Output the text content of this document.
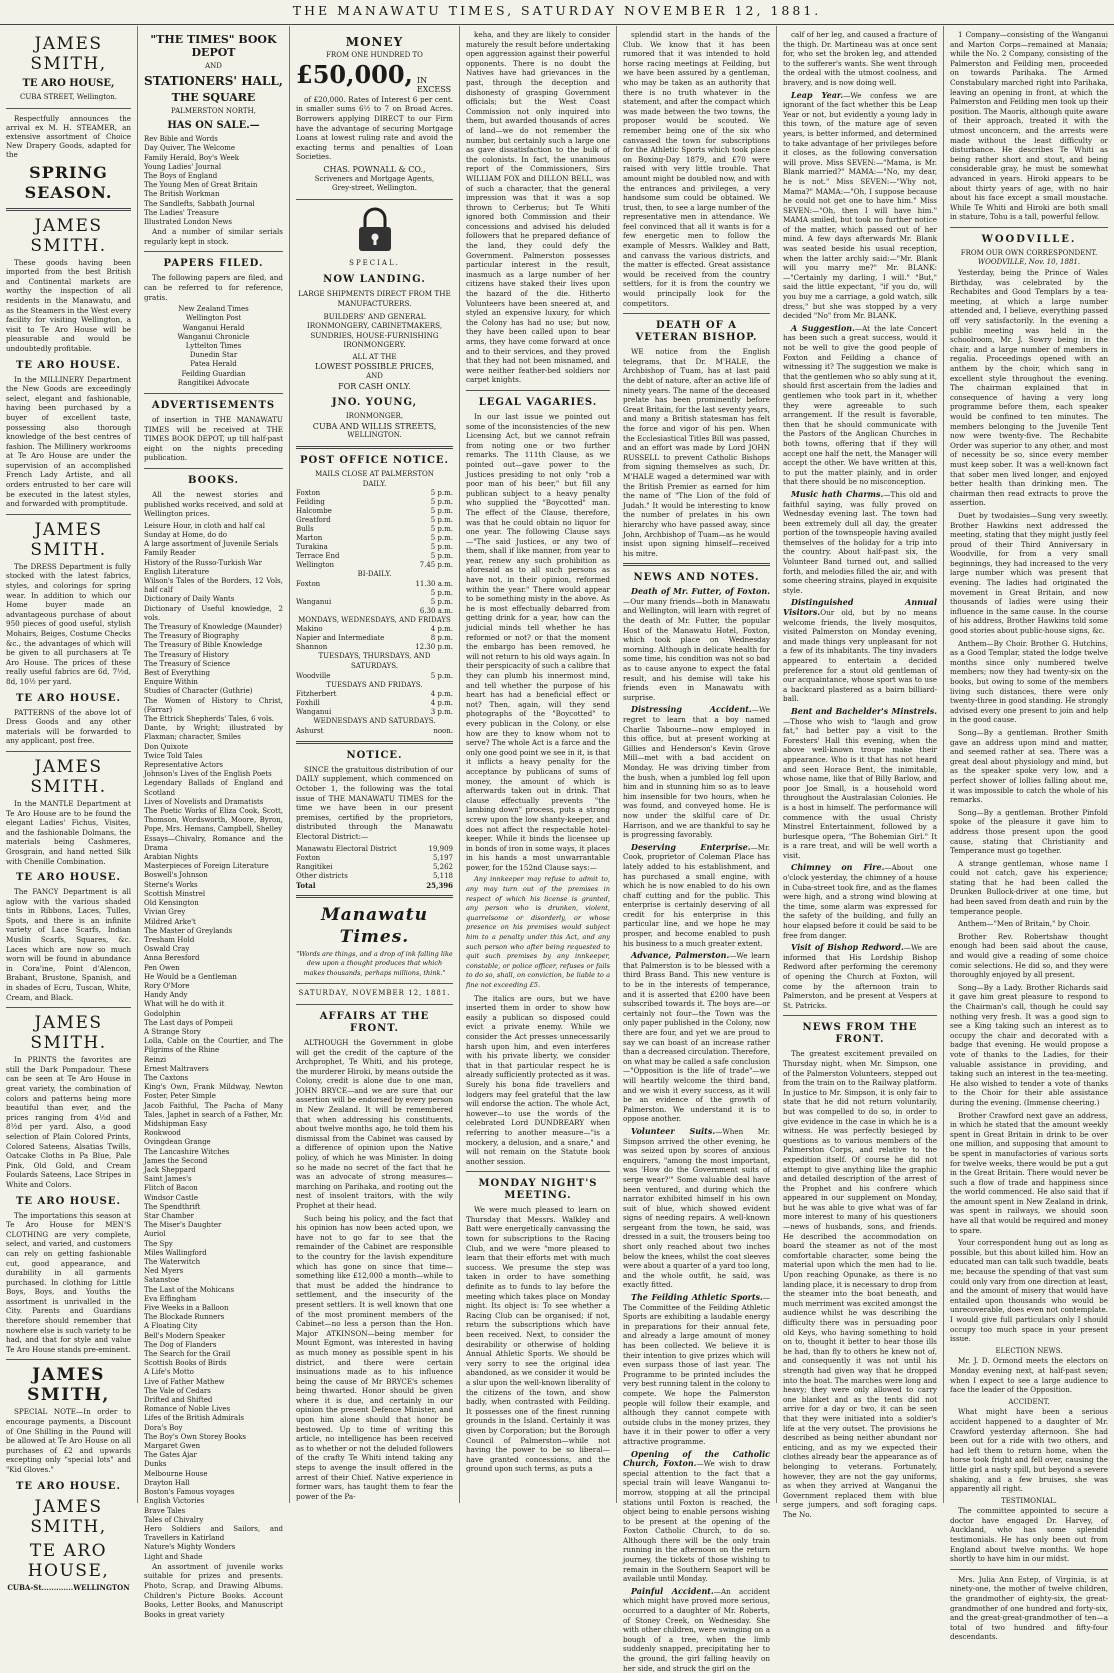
THE MANAWATU TIMES, SATURDAY NOVEMBER 12, 1881.
JAMES SMITH,
TE ARO HOUSE,
CUBA STREET, Wellington.

Respectfully announces the arrival ex M. H. STEAMER, an extensive assortment of Choice New Drapery Goods, adapted for the

SPRING SEASON.
JAMES SMITH.

These goods having been imported from the best British and Continental markets are worthy the inspection of all residents in the Manawatu, and as the Steamers in the West every facility for visiting Wellington, a visit to Te Aro House will be pleasurable and would be undoubtedly profitable.

TE ARO HOUSE.

In the MILLINERY Department the New Goods are exceedingly select, elegant and fashionable, having been purchased by a buyer of excellent taste, possessing also thorough knowledge of the best centres of fashion. The Millinery workrooms at Te Aro House are under the supervision of an accomplished French Lady Artiste, and all orders entrusted to her care will be executed in the latest styles, and forwarded with promptitude.

JAMES SMITH.

The DRESS Department is fully stocked with the latest fabrics, styles, and colorings for spring wear. In addition to which our Home buyer made an advantageous purchase of about 950 pieces of good useful, stylish Mohairs, Beiges, Costume Checks &c., the advantages of which will be given to all purchasers at Te Aro House. The prices of these really useful fabrics are 6d, 7½d, 8d, 10½ per yard.

TE ARO HOUSE.

PATTERNS of the above lot of Dress Goods and any other materials will be forwarded to any applicant, post free.

JAMES SMITH.

In the MANTLE Department at Te Aro House are to be found the elegant Ladies' Fichus, Visites, and the fashionable Dolmans, the materials being Cashmeres, Grosgrain, and hand netted Silk with Chenille Combination.

TE ARO HOUSE.

The FANCY Department is all aglow with the various shaded tints in Ribbons, Laces, Tulles, Spots, and there is an infinite variety of Lace Scarfs, Indian Muslin Scarfs, Squares, &c. Laces which are now so much worn will be found in abundance in Cora'ine, Point d'Alencon, Brabant, Brustone, Spanish, and in shades of Ecru, Tuscan, White, Cream, and Black.

JAMES SMITH.

In PRINTS the favorites are still the Dark Pompadour. These can be seen at Te Aro House in great variety, the combination of colors and patterns being more beautiful than ever, and the prices ranging from 4½d and 8½d per yard. Also, a good selection of Plain Colored Prints, Colored Sateens, Alsatias Twills, Oatcake Cloths in Pa Blue, Pale Pink, Old Gold, and Cream Foulards Sateens, Lace Stripes in White and Colors.

TE ARO HOUSE.

The importations this season at Te Aro House for MEN'S CLOTHING are very complete, select, and varied, and customers can rely on getting fashionable cut, good appearance, and durability in all garments purchased. In clothing for Little Boys, Boys, and Youths the assortment is unrivalled in the City. Parents and Guardians therefore should remember that nowhere else is such variety to be had, and that for style and value Te Aro House stands pre-eminent.

JAMES SMITH,

SPECIAL NOTE—In order to encourage payments, a Discount of One Shilling in the Pound will be allowed at Te Aro House on all purchases of £2 and upwards excepting only "special lots" and "Kid Gloves."

TE ARO HOUSE.
JAMES SMITH,
TE ARO HOUSE,
CUBA-St.............WELLINGTON
"THE TIMES" BOOK DEPOT
AND
STATIONERS' HALL,
THE SQUARE
PALMERSTON NORTH,
HAS ON SALE.—
Rev Bible and Words
Day Quiver, The Welcome
Family Herald, Boy's Week
Young Ladies' Journal
The Boys of England
The Young Men of Great Britain
The British Workman
The Sandlefts, Sabbath Journal
The Ladies' Treasure
Illustrated London News

And a number of similar serials regularly kept in stock.

PAPERS FILED.

The following papers are filed, and can be referred to for reference, gratis.

New Zealand Times
Wellington Post
Wanganui Herald
Wanganui Chronicle
Lyttelton Times
Dunedin Star
Patea Herald
Feilding Guardian
Rangitikei Advocate
ADVERTISEMENTS

of insertion in THE MANAWATU TIMES will be received at THE TIMES BOOK DEPOT, up till half-past eight on the nights preceding publication.

BOOKS.

All the newest stories and published works received, and sold at Wellington prices.

Leisure Hour, in cloth and half cal
Sunday at Home, do do
A large assortment of Juvenile Serials
Family Reader
History of the Russo-Turkish War
English Literature
Wilson's Tales of the Borders, 12 Vols, half calf
Dictionary of Daily Wants
Dictionary of Useful knowledge, 2 vols.
The Treasury of Knowledge (Maunder)
The Treasury of Biography
The Treasury of Bible Knowledge
The Treasury of History
The Treasury of Science
Best of Everything
Enquire Within
Studies of Character (Guthrie)
The Women of History to Christ, (Farrar)
The Ettrick Shepherds' Tales, 6 vols.
Dante, by Wright; illustrated by Flaxman; character, Smiles
Don Quixote
Twice Told Tales
Representative Actors
Johnson's Lives of the English Poets
Legendary Ballads of England and Scotland
Lives of Novelists and Dramatists
The Poetic Works of Eliza Cook, Scott, Thomson, Wordsworth, Moore, Byron, Pope, Mrs. Hemans, Campbell, Shelley
Essays—Chivalry, Romance and the Drama
Arabian Nights
Masterpieces of Foreign Literature
Boswell's Johnson
Sterne's Works
Scottish Minstrel
Old Kensington
Vivian Grey
Mildred Arke't
The Master of Greylands
Tresham Hold
Oswald Cray
Anna Beresford
Pen Owen
He Would be a Gentleman
Rory O'More
Handy Andy
What will he do with it
Godolphin
The Last days of Pompeii
A Strange Story
Lolla, Cable on the Courtier, and The Pilgrims of the Rhine
Reinzi
Ernest Maltravers
The Caxtons
King's Own, Frank Mildway, Newton Foster, Peter Simple
Jacob Faithful, The Pacha of Many Tales, Japhet in search of a Father, Mr. Midshipman Easy
Rookwood
Ovingdean Grange
The Lancashire Witches
James the Second
Jack Sheppard
Saint James's
Flitch of Bacon
Windsor Castle
The Spendthrift
Star Chamber
The Miser's Daughter
Auriol
The Spy
Miles Wallingford
The Waterwitch
Ned Myers
Satanstoe
The Last of the Mohicans
Eva Effingham
Five Weeks in a Balloon
The Blockade Runners
A Floating City
Bell's Modern Speaker
The Dog of Flanders
The Search for the Grail
Scottish Books of Birds
A Life's Motto
Live of Father Mathew
The Vale of Cedars
Drifted and Shifted
Romance of Noble Lives
Lifes of the British Admirals
Dora's Boy
The Boy's Own Storey Books
Margaret Gwen
The Gates Ajar
Dunks
Melbourne House
Drayton Hall
Boston's Famous voyages
English Victories
Brave Tales
Tales of Chivalry
Hero Soldiers and Sailors, and Travellers in Katirland
Nature's Mighty Wonders
Light and Shade

An assortment of juvenile works suitable for prizes and presents. Photo, Scrap, and Drawing Albums. Children's Picture Books. Account Books, Letter Books, and Manuscript Books in great variety

MONEY
FROM ONE HUNDRED TO
£50,000, IN EXCESS

of £20,000. Rates of Interest 6 per cent. in smaller sums 6½ to 7 on Broad Acres. Borrowers applying DIRECT to our Firm have the advantage of securing Mortgage Loans at lowest ruling rate and avoid the exacting terms and penalties of Loan Societies.

CHAS. POWNALL & CO.,
Scriveners and Mortgage Agents,
Grey-street, Wellington.
SPECIAL.
NOW LANDING.

LARGE SHIPMENTS DIRECT FROM THE MANUFACTURERS.

BUILDERS' AND GENERAL IRONMONGERY, CABINETMAKERS, SUNDRIES, HOUSE-FURNISHING IRONMONGERY.

ALL AT THE
LOWEST POSSIBLE PRICES,
AND
FOR CASH ONLY.
JNO. YOUNG,
IRONMONGER,
CUBA AND WILLIS STREETS,
WELLINGTON.
POST OFFICE NOTICE.
MAILS CLOSE AT PALMERSTON
DAILY.
Foxton	5 p.m.
Feilding	5 p.m.
Halcombe	5 p.m.
Greatford	5 p.m.
Bulls	5 p.m.
Marton	5 p.m.
Turakina	5 p.m.
Terrace End	5 p.m.
Wellington	7.45 p.m.
BI-DAILY.
Foxton	11.30 a.m.
5 p.m.
Wanganui	5 p.m.
6.30 a.m.
MONDAYS, WEDNESDAYS, AND FRIDAYS
Makino	4 p.m.
Napier and Intermediate	8 p.m.
Shannon	12.30 p.m.
TUESDAYS, THURSDAYS, AND SATURDAYS.
Woodville	5 p.m.
TUESDAYS AND FRIDAYS.
Fitzherbert	4 p.m.
Foxhill	4 p.m.
Wanganui	3 p.m.
WEDNESDAYS AND SATURDAYS.
Ashurst	noon.
NOTICE.

SINCE the gratuitous distribution of our DAILY supplement, which commenced on October 1, the following was the total issue of THE MANAWATU TIMES for the time we have been in our present premises, certified by the proprietors, distributed through the Manawatu Electoral District:—

Manawatu Electoral District	19,909
Foxton	5,197
Rangitikei	5,262
Other districts	5,118
Total	25,396
Manawatu Times.

"Words are things, and a drop of ink falling like dew upon a thought produces that which makes thousands, perhaps millions, think."

SATURDAY, NOVEMBER 12, 1881.
AFFAIRS AT THE FRONT.

ALTHOUGH the Government in globe will get the credit of the capture of the Archprophet, Te Whiti, and his protege, the murderer Hiroki, by means outside the Colony, credit is alone due to one man, JOHN BRYCE—and we are sure that our assertion will be endorsed by every person in New Zealand. It will be remembered that when addressing his constituents, about twelve months ago, he told them his dismissal from the Cabinet was caused by a difference of opinion upon the Native policy, of which he was Minister. In doing so he made no secret of the fact that he was an advocate of strong measures—marching on Parihaka, and rooting out the nest of insolent traitors, with the wily Prophet at their head.

Such being his policy, and the fact that his opinion has now been acted upon, we have not to go far to see that the remainder of the Cabinet are responsible to the country for the lavish expenditure which has gone on since that time—something like £12,000 a month—while to that must be added the hindrance to settlement, and the insecurity of the present settlers. It is well known that one of the most prominent members of the Cabinet—no less a person than the Hon. Major ATKINSON—being member for Mount Egmont, was interested in having as much money as possible spent in his district, and there were certain insinuations made as to his influence being the cause of Mr BRYCE's schemes being thwarted. Honor should be given where it is due, and certainly in our opinion the present Defence Minister, and upon him alone should that honor be bestowed. Up to time of writing this article, no intelligence has been received as to whether or not the deluded followers of the crafty Te Whiti intend taking any steps to avenge the insult offered in the arrest of their Chief. Native experience in former wars, has taught them to fear the power of the Pa-

keha, and they are likely to consider maturely the result before undertaking open aggression against their powerful opponents. There is no doubt the Natives have had grievances in the past, through the deception and dishonesty of grasping Government officials; but the West Coast Commission not only inquired into them, but awarded thousands of acres of land—we do not remember the number, but certainly such a large one as gave dissatisfaction to the bulk of the colonists. In fact, the unanimous report of the Commissioners, Sirs WILLIAM FOX and DILLON BELL, was of such a character, that the general impression was that it was a sop thrown to Cerberus; but Te Whiti ignored both Commission and their concessions and advised his deluded followers that he prepared defiance of the land, they could defy the Government. Palmerston possesses particular interest in the result, inasmuch as a large number of her citizens have staked their lives upon the hazard of the die. Hitherto Volunteers have been sneered at, and styled an expensive luxury, for which the Colony has had no use; but now, they have been called upon to bear arms, they have come forward at once and to their services, and they proved that they had not been misnamed, and were neither feather-bed soldiers nor carpet knights.

LEGAL VAGARIES.

In our last issue we pointed out some of the inconsistencies of the new Licensing Act, but we cannot refrain from noting one or two further remarks. The 111th Clause, as we pointed out—gave power to the Justices presiding to not only "rob a poor man of his beer," but fill any publican subject to a heavy penalty who supplied the "Boycotted" man. The effect of the Clause, therefore, was that he could obtain no liquor for one year. The following Clause says—"The said Justices, or any two of them, shall if like manner, from year to year, renew any such prohibition as aforesaid as to all such persons as have not, in their opinion, reformed within the year." There would appear to be something misty in the above. As he is most effectually debarred from getting drink for a year, how can the judicial minds tell whether he has reformed or not? or that the moment the embargo has been removed, he will not return to his old ways again. In their perspicacity of such a calibre that they can plumb his innermost mind, and tell whether the purpose of his heart has had a beneficial effect or not? Then, again, will they send photographs of the "Boycotted" to every publican in the Colony, or else how are they to know whom not to serve? The whole Act is a farce and the only one good point we see in it, is that it inflicts a heavy penalty for the acceptance by publicans of sums of money, the amount of which is afterwards taken out in drink. That clause effectually prevents "the lambing down" process, puts a strong screw upon the low shanty-keeper, and does not affect the respectable hotel-keeper. While it binds the licensee up in bonds of iron in some ways, it places in his hands a most unwarrantable power, for the 152nd Clause says:—

Any innkeeper may refuse to admit to, any may turn out of the premises in respect of which his license is granted, any person who is drunken, violent, quarrelsome or disorderly, or whose presence on his premises would subject him to a penalty under this Act, and any such person who after being requested to quit such premises by any innkeeper, constable, or police officer, refuses or fails to do so, shall, on conviction, be liable to a fine not exceeding £5.

The italics are ours, but we have inserted them in order to show how easily a publican so disposed could evict a private enemy. While we consider the Act presses unnecessarily harsh upon him, and even interferes with his private liberty, we consider that in that particular respect he is already sufficiently protected as it was. Surely his bona fide travellers and lodgers may feel grateful that the law will endorse the action. The whole Act, however—to use the words of the celebrated Lord DUNDREARY when referring to another measure—"is a mockery, a delusion, and a snare," and will not remain on the Statute book another session.

MONDAY NIGHT'S MEETING.

We were much pleased to learn on Thursday that Messrs. Walkley and Batt were energetically canvassing the town for subscriptions to the Racing Club, and we were "more pleased to learn that their efforts met with much success. We presume the step was taken in order to have something definite as to funds to lay before the meeting which takes place on Monday night. Its object is: To see whether a Racing Club can be organised; if not, return the subscriptions which have been received. Next, to consider the desirability or otherwise of holding Annual Athletic Sports. We should be very sorry to see the original idea abandoned, as we consider it would be a slur upon the well-known liberality of the citizens of the town, and show badly, when contrasted with Feilding. It possesses one of the finest running grounds in the Island. Certainly it was given by Corporation; but the Borough Council of Palmerston—while not having the power to be so liberal—have granted concessions, and the ground upon such terms, as puts a

splendid start in the hands of the Club. We know that it has been rumored that it was intended to hold horse racing meetings at Feilding, but we have been assured by a gentleman, who may be taken as an authority that there is no truth whatever in the statement, and after the compact which was made between the two towns, the proposer would be scouted. We remember being one of the six who canvassed the town for subscriptions for the Athletic Sports which took place on Boxing-Day 1879, and £70 were raised with very little trouble. That amount might be doubled now, and with the entrances and privileges, a very handsome sum could be obtained. We trust, then, to see a large number of the representative men in attendance. We feel convinced that all it wants is for a few energetic men to follow the example of Messrs. Walkley and Batt, and canvass the various districts, and the matter is effected. Great assistance would be received from the country settlers, for it is from the country we would principally look for the competitors.

DEATH OF A VETERAN BISHOP.

WE notice from the English telegrams, that Dr. M'HALE, the Archbishop of Tuam, has at last paid the debt of nature, after an active life of ninety years. The name of the deceased prelate has been prominently before Great Britain, for the last seventy years, and many a British statesman has felt the force and vigor of his pen. When the Ecclesiastical Titles Bill was passed, and an effort was made by Lord JOHN RUSSELL to prevent Catholic Bishops from signing themselves as such, Dr. M'HALE waged a determined war with the British Premier as earned for him the name of "The Lion of the fold of Judah." It would be interesting to know the number of prelates in his own hierarchy who have passed away, since John, Archbishop of Tuam—as he would insist upon signing himself—received his mitre.

NEWS AND NOTES.

Death of Mr. Futter, of Foxton.—Our many friends—both in Manawatu and Wellington, will learn with regret of the death of Mr. Futter, the popular Host of the Manawatu Hotel, Foxton, which took place on Wednesday morning. Although in delicate health for some time, his condition was not so bad as to cause anyone to expect the fatal result, and his demise will take his friends even in Manawatu with surprise.

Distressing Accident.—We regret to learn that a boy named Charlie Tabourne—now employed in this office, but at present working at Gillies and Henderson's Kevin Grove Mill—met with a bad accident on Monday. He was driving timber from the bush, when a jumbled log fell upon him and in stunning him so as to leave him insensible for two hours, when he was found, and conveyed home. He is now under the skilful care of Dr. Harrison, and we are thankful to say he is progressing favorably.

Deserving Enterprise.—Mr. Cook, proprietor of Coleman Place has lately added to his establishment, and has purchased a small engine, with which he is now enabled to do his own chaff cutting and for the public. This enterprise is certainly deserving of all credit for his enterprise in this particular line, and we hope he may prosper, and become enabled to push his business to a much greater extent.

Advance, Palmerston.—We learn that Palmerston is to be blessed with a third Brass Band. This new venture is to be in the interests of temperance, and it is asserted that £200 have been subscribed towards it. The boys are—or certainly not four—the Town was the only paper published in the Colony, now there are four, and yet we are proud to say we can boast of an increase rather than a decreased circulation. Therefore, on what may be called a safe conclusion—"Opposition is the life of trade"—we will heartily welcome the third band, and we wish it every success, as it will be an evidence of the growth of Palmerston. We understand it is to oppose another.

Volunteer Suits.—When Mr. Simpson arrived the other evening, he was seized upon by scores of anxious enquirers, "among the most important, was 'How do the Government suits of serge wear?'" Some valuable deal have been ventured, and during which the narrator exhibited himself in his own suit of blue, which showed evident signs of needing repairs. A well-known sergeant from the town, he said, was dressed in a suit, the trousers being too short only reached about two inches below the knees, whilst the coat sleeves were about a quarter of a yard too long, and the whole outfit, he said, was exactly fitted.

The Feilding Athletic Sports.—The Committee of the Feilding Athletic Sports are exhibiting a laudable energy in preparations for their annual fete, and already a large amount of money has been collected. We believe it is their intention to give prizes which will even surpass those of last year. The Programme to be printed includes the very best running talent in the colony to compete. We hope the Palmerston people will follow their example, and although they cannot compete with outside clubs in the money prizes, they have it in their power to offer a very attractive programme.

Opening of the Catholic Church, Foxton.—We wish to draw special attention to the fact that a special train will leave Wanganui to-morrow, stopping at all the principal stations until Foxton is reached, the object being to enable persons wishing to be present at the opening of the Foxton Catholic Church, to do so. Although there will be the only train running in the afternoon on the return journey, the tickets of those wishing to remain in the Southern Seaport will be available until Monday.

Painful Accident.—An accident which might have proved more serious, occurred to a daughter of Mr. Roberts, of Stoney Creek, on Wednesday. She with other children, were swinging on a bough of a tree, when the limb suddenly snapped, precipitating her to the ground, the girl falling heavily on her side, and struck the girl on the

calf of her leg, and caused a fracture of the thigh. Dr. Martineau was at once sent for, who set the broken leg, and attended to the sufferer's wants. She went through the ordeal with the utmost coolness, and bravery, and is now doing well.

Leap Year.—We confess we are ignorant of the fact whether this be Leap Year or not, but evidently a young lady in this town, of the mature age of seven years, is better informed, and determined to take advantage of her privileges before it closes, as the following conversation will prove. Miss SEVEN:—"Mama, is Mr. Blank married?" MAMA:—"No, my dear, he is not." Miss SEVEN:—"Why not, Mama?" MAMA:—"Oh, I suppose because he could not get one to have him." Miss SEVEN:—"Oh, then I will have him." MAMA smiled, but took no further notice of the matter, which passed out of her mind. A few days afterwards Mr. Blank was seated beside his usual reception, when the latter archly said:—"Mr. Blank will you marry me?" Mr. BLANK:—"Certainly my darling, I will." "But," said the little expectant, "if you do, will you buy me a carriage, a gold watch, silk dress," but she was stopped by a very decided "No" from Mr. BLANK.

A Suggestion.—At the late Concert has been such a great success, would it not be well to give the good people of Foxton and Feilding a chance of witnessing it? The suggestion we make is that the gentlemen who so ably sung at it, should first ascertain from the ladies and gentlemen who took part in it, whether they were agreeable to such arrangement. If the result is favorable, then that he should communicate with the Pastors of the Anglican Churches in both towns, offering that if they will accept one half the nett, the Manager will accept the other. We have written at this, to put the matter plainly, and in order that there should be no misconception.

Music hath Charms.—This old and faithful saying, was fully proved on Wednesday evening last. The town had been extremely dull all day, the greater portion of the townspeople having availed themselves of the holiday for a trip into the country. About half-past six, the Volunteer Band turned out, and sallied forth, and melodies filled the air, and with some cheering strains, played in exquisite style.

Distinguished Annual Visitors.Our old, but by no means welcome friends, the lively mosquitos, visited Palmerston on Monday evening, and made things very unpleasant for not a few of its inhabitants. The tiny invaders appeared to entertain a decided preference for a stout old gentleman of our acquaintance, whose sport was to use a backcard plastered as a bairn billiard-ball.

Bent and Bachelder's Minstrels.—Those who wish to "laugh and grow fat," had better pay a visit to the Foresters' Hall this evening, when the above well-known troupe make their appearance. Who is it that has not heard and seen Horace Bent, the inimitable, whose name, like that of Billy Barlow, and poor Joe Small, is a household word throughout the Australasian Colonies. He is a host in himself. The performance will commence with the usual Christy Minstrel Entertainment, followed by a burlesque opera, "The Bohemian Girl." It is a rare treat, and will be well worth a visit.

Chimney on Fire.—About one o'clock yesterday, the chimney of a house in Cuba-street took fire, and as the flames were high, and a strong wind blowing at the time, some alarm was expressed for the safety of the building, and fully an hour elapsed before it could be said to be free from danger.

Visit of Bishop Redword.—We are informed that His Lordship Bishop Redword after performing the ceremony of opening the Church at Foxton, will come by the afternoon train to Palmerston, and be present at Vespers at St. Patricks.

NEWS FROM THE FRONT.

The greatest excitement prevailed on Thursday night, when Mr. Simpson, one of the Palmerston Volunteers, stepped out from the train on to the Railway platform. In justice to Mr. Simpson, it is only fair to state that he did not return voluntarily, but was compelled to do so, in order to give evidence in the case in which he is a witness. He was perfectly besieged by questions as to various members of the Palmerston Corps, and relative to the expedition itself. Of course he did not attempt to give anything like the graphic and detailed description of the arrest of the Prophet and his confrere which appeared in our supplement on Monday, but he was able to give what was of far more interest to many of his questioners—news of husbands, sons, and friends. He described the accommodation on board the steamer as not of the most comfortable character, some being the material upon which the men had to lie. Upon reaching Opunake, as there is no landing place, it is necessary to drop from the steamer into the boat beneath, and much merriment was excited amongst the audience whilst he was describing the difficulty there was in persuading poor old Keys, who having something to hold on to, thought it better to hear those ills he had, than fly to others he knew not of, and consequently it was not until his strength had given way that he dropped into the boat. The marches were long and heavy; they were only allowed to carry one blanket and as the tents did not arrive for a day or two, it can be seen that they were initiated into a soldier's life at the very outset. The provisions he described as being neither abundant nor enticing, and as my we expected their clothes already bear the appearance as of belonging to veterans. Fortunately, however, they are not the gay uniforms, as when they arrived at Wanganui the Government replaced them with blue serge jumpers, and soft foraging caps. The No.

1 Company—consisting of the Wanganui and Marton Corps—remained at Manaia; while the No. 2 Company, consisting of the Palmerston and Feilding men, proceeded on towards Parihaka. The Armed Constabulary marched right into Parihaka, leaving an opening in front, at which the Palmerston and Feilding men took up their position. The Maoris, although quite aware of their approach, treated it with the utmost unconcern, and the arrests were made without the least difficulty or disturbance. He describes Te Whiti as being rather short and stout, and being considerable gray, he must be somewhat advanced in years. Hiroki appears to be about thirty years of age, with no hair about his face except a small moustache. While Te Whiti and Hiroki are both small in stature, Tohu is a tall, powerful fellow.

WOODVILLE.
FROM OUR OWN CORRESPONDENT.
WOODVILLE, Nov. 10, 1881.

Yesterday, being the Prince of Wales Birthday, was celebrated by the Rechabites and Good Templars by a tea-meeting, at which a large number attended and, I believe, everything passed off very satisfactorily. In the evening a public meeting was held in the schoolroom, Mr. J. Sowry being in the chair, and a large number of members in regalia. Proceedings opened with an anthem by the choir, which sang in excellent style throughout the evening. The chairman explained that in consequence of having a very long programme before them, each speaker would be confined to ten minutes. The members belonging to the Juvenile Tent now were twenty-five. The Rechabite Order was superior to any other, and most of necessity be so, since every member must keep sober. It was a well-known fact that sober men lived longer, and enjoyed better health than drinking men. The chairman then read extracts to prove the assertion.

Duet by twodaisies—Sung very sweetly. Brother Hawkins next addressed the meeting, stating that they might justly feel proud of their Third Anniversary in Woodville, for from a very small beginnings, they had increased to the very large number which was present that evening. The ladies had originated the movement in Great Britain, and now thousands of ladies were using their influence in the same cause. In the course of his address, Brother Hawkins told some good stories about public-house signs, &c.

Anthem—By Choir. Brother G. Hutchins, as a Good Templar, stated the lodge twelve months since only numbered twelve members; now they had twenty-six on the books, but owing to some of the members living such distances, there were only twenty-three in good standing. He strongly advised every one present to join and help in the good cause.

Song—By a gentleman. Brother Smith gave an address upon mind and matter, and seemed rather at sea. There was a great deal about physiology and mind, but as the speaker spoke very low, and a perfect shower of lollies falling about me, it was impossible to catch the whole of his remarks.

Song—By a gentleman. Brother Pinfold spoke of the pleasure it gave him to address those present upon the good cause, stating that Christianity and Temperance must go together.

A strange gentleman, whose name I could not catch, gave his experience; stating that he had been called the Drunken Bullock-driver at one time, but had been saved from death and ruin by the temperance people.

Anthem—"Men of Britain," by Choir.

Brother Rev. Robertshaw thought enough had been said about the cause, and would give a reading of some choice comic selections. He did so, and they were thoroughly enjoyed by all present.

Song—By a Lady. Brother Richards said it gave him great pleasure to respond to the Chairman's call, though he could say nothing very fresh. It was a good sign to see a King taking such an interest as to occupy the chair and decorated with a badge that evening. He would propose a vote of thanks to the Ladies, for their valuable assistance in providing, and taking such an interest in the tea-meeting. He also wished to tender a vote of thanks to the Choir for their able assistance during the evening. (Immense cheering.)

Brother Crawford next gave an address, in which he stated that the amount weekly spent in Great Britain in drink to be over one million, and supposing that amount to be spent in manufactories of various sorts for twelve weeks, there would be put a gut in the Great Britain. There would never be such a flow of trade and happiness since the world commenced. He also said that if the amount spent in New Zealand in drink, was spent in railways, we should soon have all that would be required and money to spare.

Your correspondent hung out as long as possible, but this about killed him. How an educated man can talk such twaddle, beats me; because the spending of that vast sum could only vary from one direction at least, and the amount of misery that would have entailed upon thousands who would be unrecoverable, does even not contemplate. I would give full particulars only I should occupy too much space in your present issue.

ELECTION NEWS.

Mr. J. D. Ormond meets the electors on Monday evening next, at half-past seven; when I expect to see a large audience to face the leader of the Opposition.

ACCIDENT.

What might have been a serious accident happened to a daughter of Mr. Crawford yesterday afternoon. She had been out for a ride with two others, and had left them to return home, when the horse took fright and fell over, causing the little girl a nasty spill, but beyond a severe shaking, and a few bruises, she was apparently all right.

TESTIMONIAL.

The committee appointed to secure a doctor have engaged Dr. Harvey, of Auckland, who has some splendid testimonials. He has only been out from England about twelve months. We hope shortly to have him in our midst.

Mrs. Julia Ann Estep, of Virginia, is at ninety-one, the mother of twelve children, the grandmother of eighty-six, the great-grandmother of one hundred and forty-six, and the great-great-grandmother of ten—a total of two hundred and fifty-four descendants.
